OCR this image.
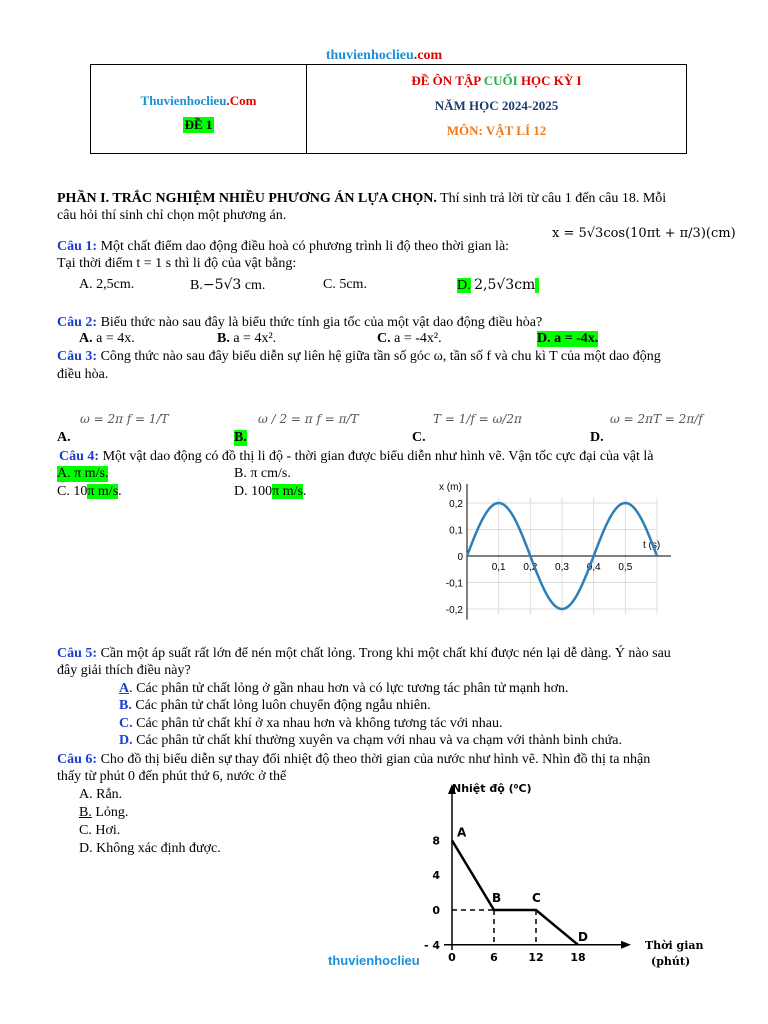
thuvienhoclieu.com
Thuvienhoclieu.Com
ĐỀ 1
ĐỀ ÔN TẬP CUỐI HỌC KỲ I
NĂM HỌC 2024-2025
MÔN: VẬT LÍ 12
PHẦN I. TRẮC NGHIỆM NHIỀU PHƯƠNG ÁN LỰA CHỌN. Thí sinh trả lời từ câu 1 đến câu 18. Mỗi
câu hỏi thí sinh chỉ chọn một phương án.
Câu 1: Một chất điểm dao động điều hoà có phương trình li độ theo thời gian là:
x = 5√3cos(10πt + π/3)(cm)
Tại thời điểm t = 1 s thì li độ của vật bằng:
A. 2,5cm.	B.−5√3 cm.	C. 5cm.	D. 2,5√3cm
Câu 2: Biểu thức nào sau đây là biểu thức tính gia tốc của một vật dao động điều hòa?
A. a = 4x.	B. a = 4x².	C. a = -4x².	D. a = -4x.
Câu 3: Công thức nào sau đây biểu diễn sự liên hệ giữa tần số góc ω, tần số f và chu kì T của một dao động
điều hòa.
A.
ω = 2π f = 1/T
B.
ω / 2 = π f = π/T
C.
T = 1/f = ω/2π
D.
ω = 2πT = 2π/f
Câu 4: Một vật dao động có đồ thị li độ - thời gian được biểu diễn như hình vẽ. Vận tốc cực đại của vật là
A. π m/s.	B. π cm/s.
C. 10π m/s.	D. 100π m/s.	x (m)
t (s)
0,2
0,1
0
-0,1
-0,2
0,1 0,2 0,3 0,4 0,5
Câu 5: Cần một áp suất rất lớn để nén một chất lỏng. Trong khi một chất khí được nén lại dễ dàng. Ý nào sau
đây giải thích điều này?
A. Các phân tử chất lỏng ở gần nhau hơn và có lực tương tác phân tử mạnh hơn.
B. Các phân tử chất lỏng luôn chuyển động ngẫu nhiên.
C. Các phân tử chất khí ở xa nhau hơn và không tương tác với nhau.
D. Các phân tử chất khí thường xuyên va chạm với nhau và va chạm với thành bình chứa.
Câu 6: Cho đồ thị biểu diễn sự thay đổi nhiệt độ theo thời gian của nước như hình vẽ. Nhìn đồ thị ta nhận
thấy từ phút 0 đến phút thứ 6, nước ở thể
A. Rắn.
B. Lỏng.
C. Hơi.
D. Không xác định được.
Nhiệt độ (⁰C)
Thời gian
(phút)
8
4
0
- 4
0	6	12 18
A
B	C
D
thuvienhoclieu
